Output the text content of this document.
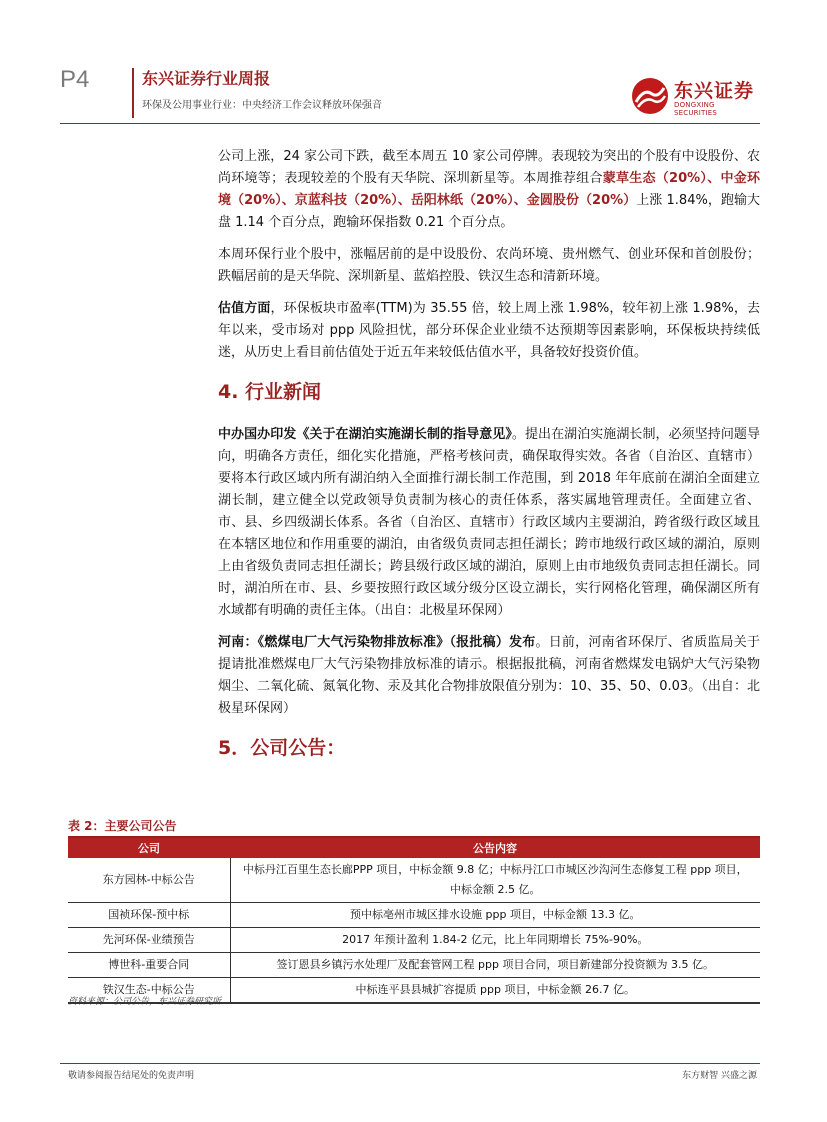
P4	东兴证券行业周报
环保及公用事业行业：中央经济工作会议释放环保强音
东兴证券
DONGXING SECURITIES

公司上涨，24 家公司下跌，截至本周五 10 家公司停牌。表现较为突出的个股有中设股份、农尚环境等；表现较差的个股有天华院、深圳新星等。本周推荐组合蒙草生态（20%）、中金环境（20%）、京蓝科技（20%）、岳阳林纸（20%）、金圆股份（20%）上涨 1.84%，跑输大盘 1.14 个百分点，跑输环保指数 0.21 个百分点。

本周环保行业个股中，涨幅居前的是中设股份、农尚环境、贵州燃气、创业环保和首创股份；跌幅居前的是天华院、深圳新星、蓝焰控股、铁汉生态和清新环境。

估值方面，环保板块市盈率(TTM)为 35.55 倍，较上周上涨 1.98%，较年初上涨 1.98%，去年以来，受市场对 ppp 风险担忧，部分环保企业业绩不达预期等因素影响，环保板块持续低迷，从历史上看目前估值处于近五年来较低估值水平，具备较好投资价值。

4. 行业新闻

中办国办印发《关于在湖泊实施湖长制的指导意见》。提出在湖泊实施湖长制，必须坚持问题导向，明确各方责任，细化实化措施，严格考核问责，确保取得实效。各省（自治区、直辖市）要将本行政区域内所有湖泊纳入全面推行湖长制工作范围，到 2018 年年底前在湖泊全面建立湖长制，建立健全以党政领导负责制为核心的责任体系，落实属地管理责任。全面建立省、市、县、乡四级湖长体系。各省（自治区、直辖市）行政区域内主要湖泊，跨省级行政区域且在本辖区地位和作用重要的湖泊，由省级负责同志担任湖长；跨市地级行政区域的湖泊，原则上由省级负责同志担任湖长；跨县级行政区域的湖泊，原则上由市地级负责同志担任湖长。同时，湖泊所在市、县、乡要按照行政区域分级分区设立湖长，实行网格化管理，确保湖区所有水域都有明确的责任主体。（出自：北极星环保网）

河南：《燃煤电厂大气污染物排放标准》（报批稿）发布。日前，河南省环保厅、省质监局关于提请批准燃煤电厂大气污染物排放标准的请示。根据报批稿，河南省燃煤发电锅炉大气污染物烟尘、二氧化硫、氮氧化物、汞及其化合物排放限值分别为：10、35、50、0.03。（出自：北极星环保网）

5．公司公告：
表 2：主要公司公告
公司	公告内容
东方园林-中标公告	中标丹江百里生态长廊PPP 项目，中标金额 9.8 亿；中标丹江口市城区沙沟河生态修复工程 ppp 项目，中标金额 2.5 亿。
国祯环保-预中标	预中标亳州市城区排水设施 ppp 项目，中标金额 13.3 亿。
先河环保-业绩预告	2017 年预计盈利 1.84-2 亿元，比上年同期增长 75%-90%。
博世科-重要合同	签订恩县乡镇污水处理厂及配套管网工程 ppp 项目合同，项目新建部分投资额为 3.5 亿。
铁汉生态-中标公告	中标连平县县城扩容提质 ppp 项目，中标金额 26.7 亿。
资料来源：公司公告，东兴证券研究所
敬请参阅报告结尾处的免责声明	东方财智 兴盛之源
